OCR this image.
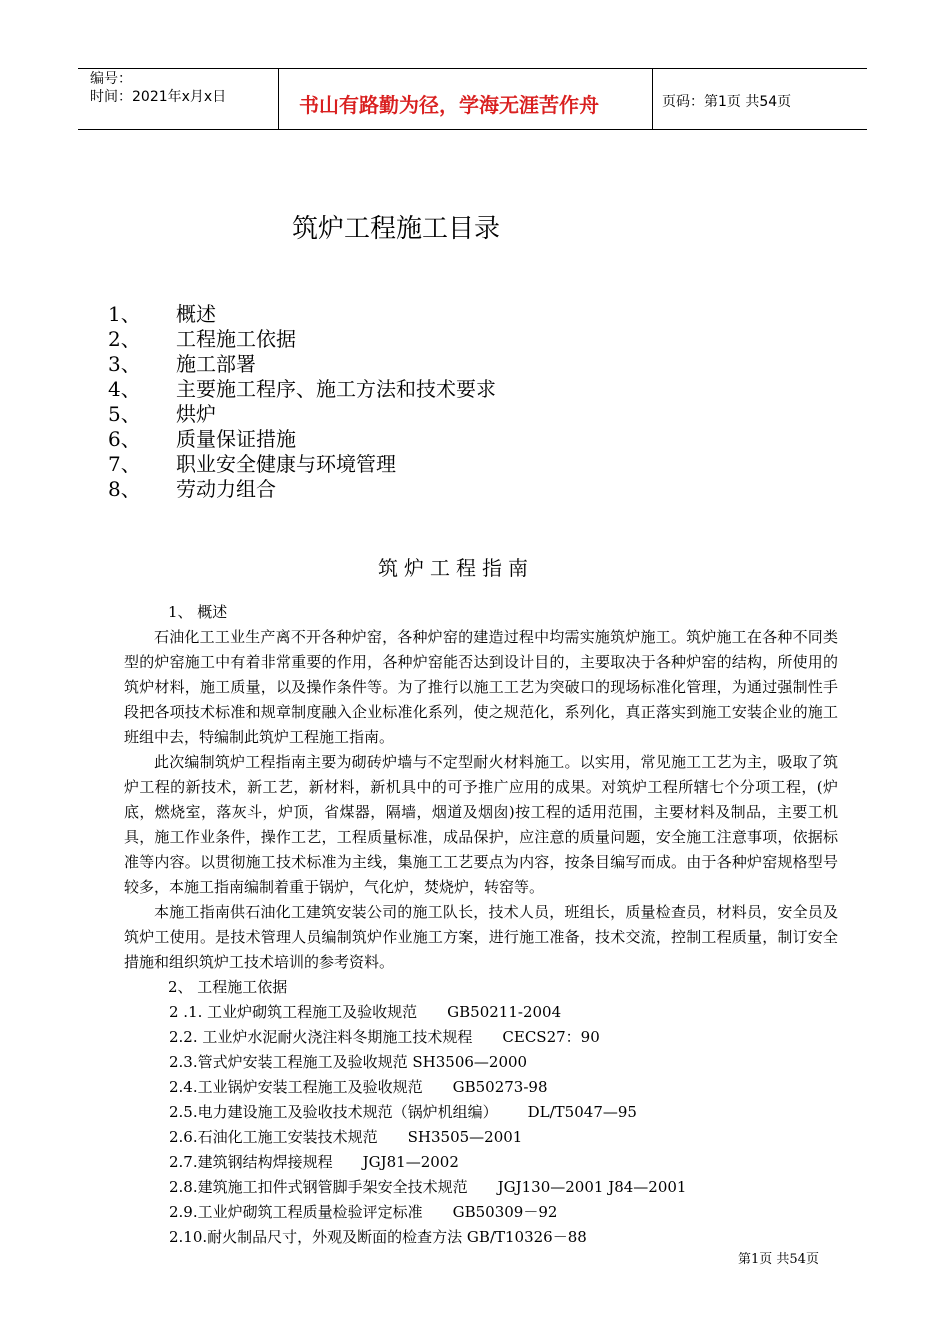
编号：
时间：2021年x月x日	书山有路勤为径，学海无涯苦作舟	页码：第1页 共54页
筑炉工程施工目录
1、 概述
2、 工程施工依据
3、 施工部署
4、 主要施工程序、施工方法和技术要求
5、 烘炉
6、 质量保证措施
7、 职业安全健康与环境管理
8、 劳动力组合
筑炉工程指南
1、 概述

石油化工工业生产离不开各种炉窑，各种炉窑的建造过程中均需实施筑炉施工。筑炉施工在各种不同类型的炉窑施工中有着非常重要的作用，各种炉窑能否达到设计目的，主要取决于各种炉窑的结构，所使用的筑炉材料，施工质量，以及操作条件等。为了推行以施工工艺为突破口的现场标准化管理，为通过强制性手段把各项技术标准和规章制度融入企业标准化系列，使之规范化，系列化，真正落实到施工安装企业的施工班组中去，特编制此筑炉工程施工指南。

此次编制筑炉工程指南主要为砌砖炉墙与不定型耐火材料施工。以实用，常见施工工艺为主，吸取了筑炉工程的新技术，新工艺，新材料，新机具中的可予推广应用的成果。对筑炉工程所辖七个分项工程，(炉底，燃烧室，落灰斗，炉顶，省煤器，隔墙，烟道及烟囱)按工程的适用范围，主要材料及制品，主要工机具，施工作业条件，操作工艺，工程质量标准，成品保护，应注意的质量问题，安全施工注意事项，依据标准等内容。以贯彻施工技术标准为主线，集施工工艺要点为内容，按条目编写而成。由于各种炉窑规格型号较多，本施工指南编制着重于锅炉，气化炉，焚烧炉，转窑等。

本施工指南供石油化工建筑安装公司的施工队长，技术人员，班组长，质量检查员，材料员，安全员及筑炉工使用。是技术管理人员编制筑炉作业施工方案，进行施工准备，技术交流，控制工程质量，制订安全措施和组织筑炉工技术培训的参考资料。

2、 工程施工依据
2 .1. 工业炉砌筑工程施工及验收规范 GB50211-2004
2.2. 工业炉水泥耐火浇注料冬期施工技术规程 CECS27：90
2.3.管式炉安装工程施工及验收规范 SH3506—2000
2.4.工业锅炉安装工程施工及验收规范 GB50273-98
2.5.电力建设施工及验收技术规范（锅炉机组编） DL/T5047—95
2.6.石油化工施工安装技术规范 SH3505—2001
2.7.建筑钢结构焊接规程 JGJ81—2002
2.8.建筑施工扣件式钢管脚手架安全技术规范 JGJ130—2001 J84—2001
2.9.工业炉砌筑工程质量检验评定标准 GB50309－92
2.10.耐火制品尺寸，外观及断面的检查方法 GB/T10326－88
第1页 共54页
